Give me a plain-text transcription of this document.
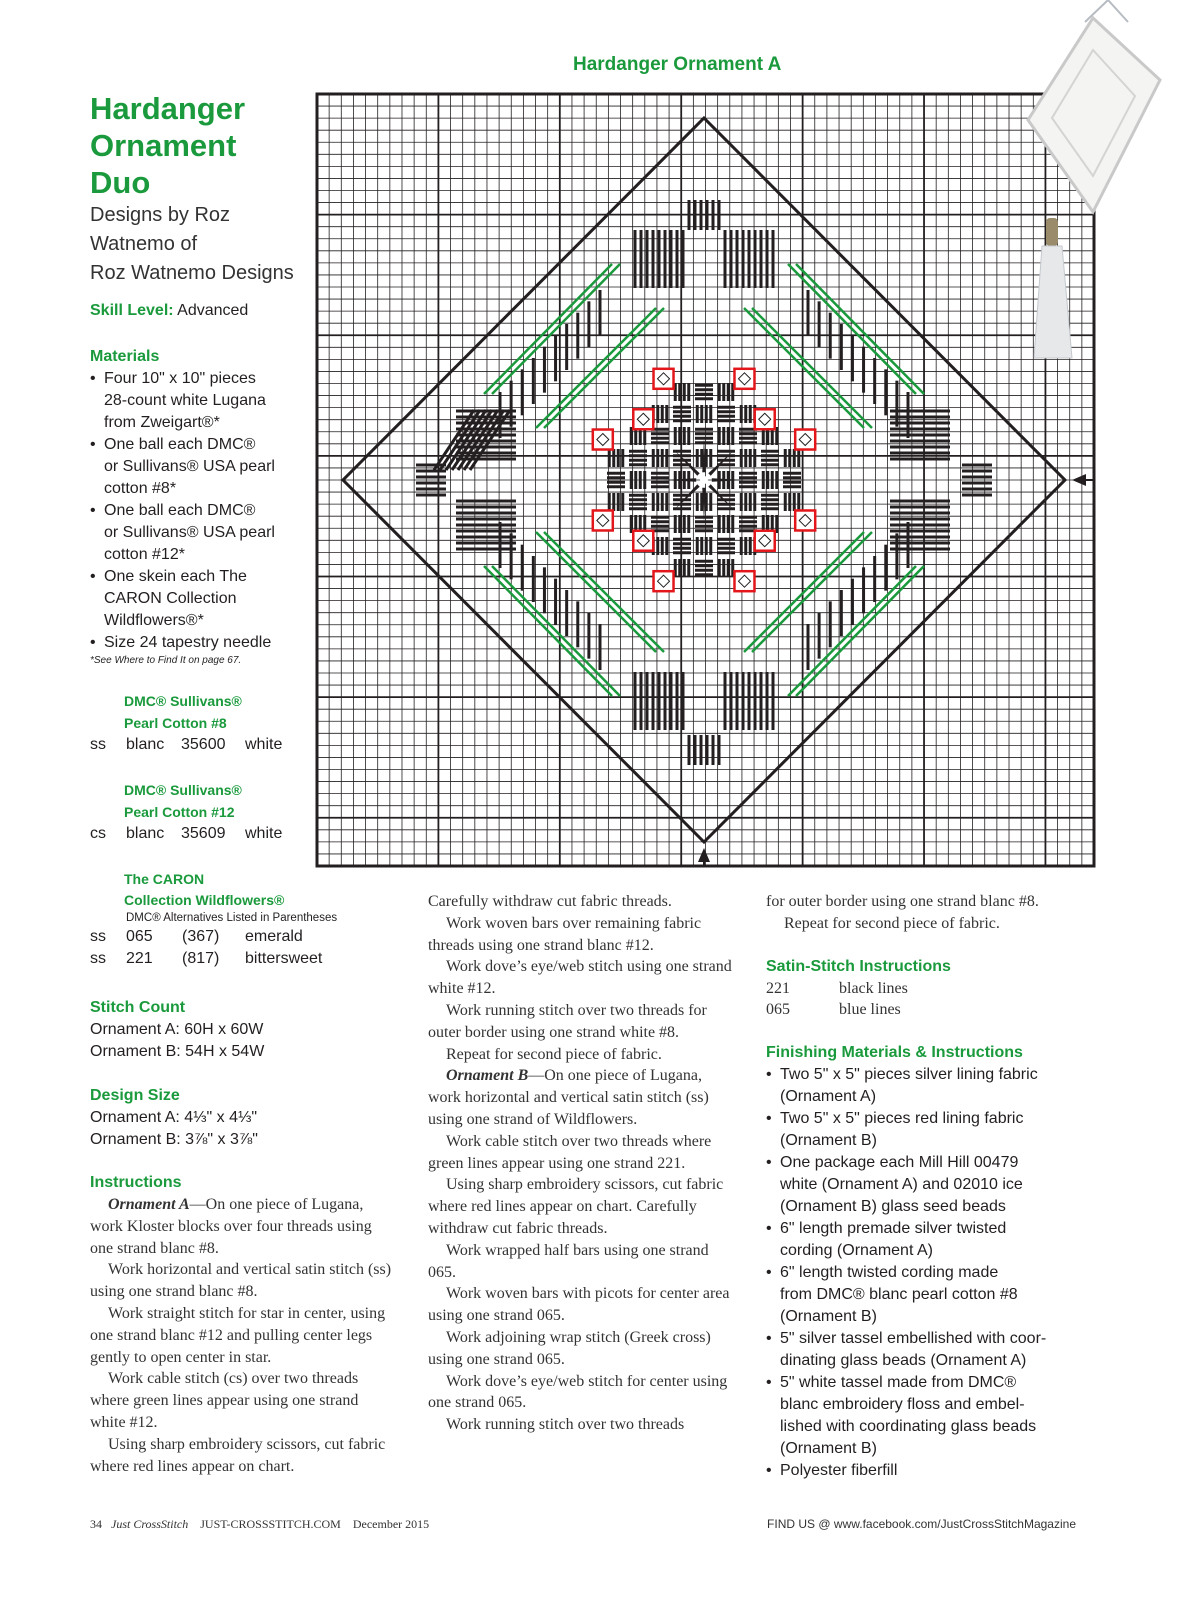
Hardanger
Ornament
Duo
Designs by Roz
Watnemo of
Roz Watnemo Designs
Skill Level: Advanced
Materials
• Four 10" x 10" pieces
28-count white Lugana
from Zweigart®*
• One ball each DMC®
or Sullivans® USA pearl
cotton #8*
• One ball each DMC®
or Sullivans® USA pearl
cotton #12*
• One skein each The
CARON Collection
Wildflowers®*
• Size 24 tapestry needle
*See Where to Find It on page 67.
DMC® Sullivans®
Pearl Cotton #8
ss	blanc	35600	white
DMC® Sullivans®
Pearl Cotton #12
cs	blanc	35609	white
The CARON
Collection Wildflowers®
DMC® Alternatives Listed in Parentheses
ss	065	(367)	emerald
ss	221	(817)	bittersweet
Stitch Count
Ornament A: 60H x 60W
Ornament B: 54H x 54W
Design Size
Ornament A: 4⅓" x 4⅓"
Ornament B: 3⅞" x 3⅞"
Instructions

Ornament A—On one piece of Lugana, work Kloster blocks over four threads using one strand blanc #8.

Work horizontal and vertical satin stitch (ss) using one strand blanc #8.

Work straight stitch for star in center, using one strand blanc #12 and pulling center legs gently to open center in star.

Work cable stitch (cs) over two threads where green lines appear using one strand white #12.

Using sharp embroidery scissors, cut fabric where red lines appear on chart.

Carefully withdraw cut fabric threads.

Work woven bars over remaining fabric threads using one strand blanc #12.

Work dove’s eye/web stitch using one strand white #12.

Work running stitch over two threads for outer border using one strand white #8.

Repeat for second piece of fabric.

Ornament B—On one piece of Lugana, work horizontal and vertical satin stitch (ss) using one strand of Wildflowers.

Work cable stitch over two threads where green lines appear using one strand 221.

Using sharp embroidery scissors, cut fabric where red lines appear on chart. Carefully withdraw cut fabric threads.

Work wrapped half bars using one strand 065.

Work woven bars with picots for center area using one strand 065.

Work adjoining wrap stitch (Greek cross) using one strand 065.

Work dove’s eye/web stitch for center using one strand 065.

Work running stitch over two threads

for outer border using one strand blanc #8.

Repeat for second piece of fabric.

Satin-Stitch Instructions
221	black lines
065	blue lines
Finishing Materials & Instructions
• Two 5" x 5" pieces silver lining fabric
(Ornament A)
• Two 5" x 5" pieces red lining fabric
(Ornament B)
• One package each Mill Hill 00479
white (Ornament A) and 02010 ice
(Ornament B) glass seed beads
• 6" length premade silver twisted
cording (Ornament A)
• 6" length twisted cording made
from DMC® blanc pearl cotton #8
(Ornament B)
• 5" silver tassel embellished with coor-
dinating glass beads (Ornament A)
• 5" white tassel made from DMC®
blanc embroidery floss and embel-
lished with coordinating glass beads
(Ornament B)
• Polyester fiberfill
Hardanger Ornament A
34 Just CrossStitch JUST-CROSSSTITCH.COM December 2015	FIND US @ www.facebook.com/JustCrossStitchMagazine
